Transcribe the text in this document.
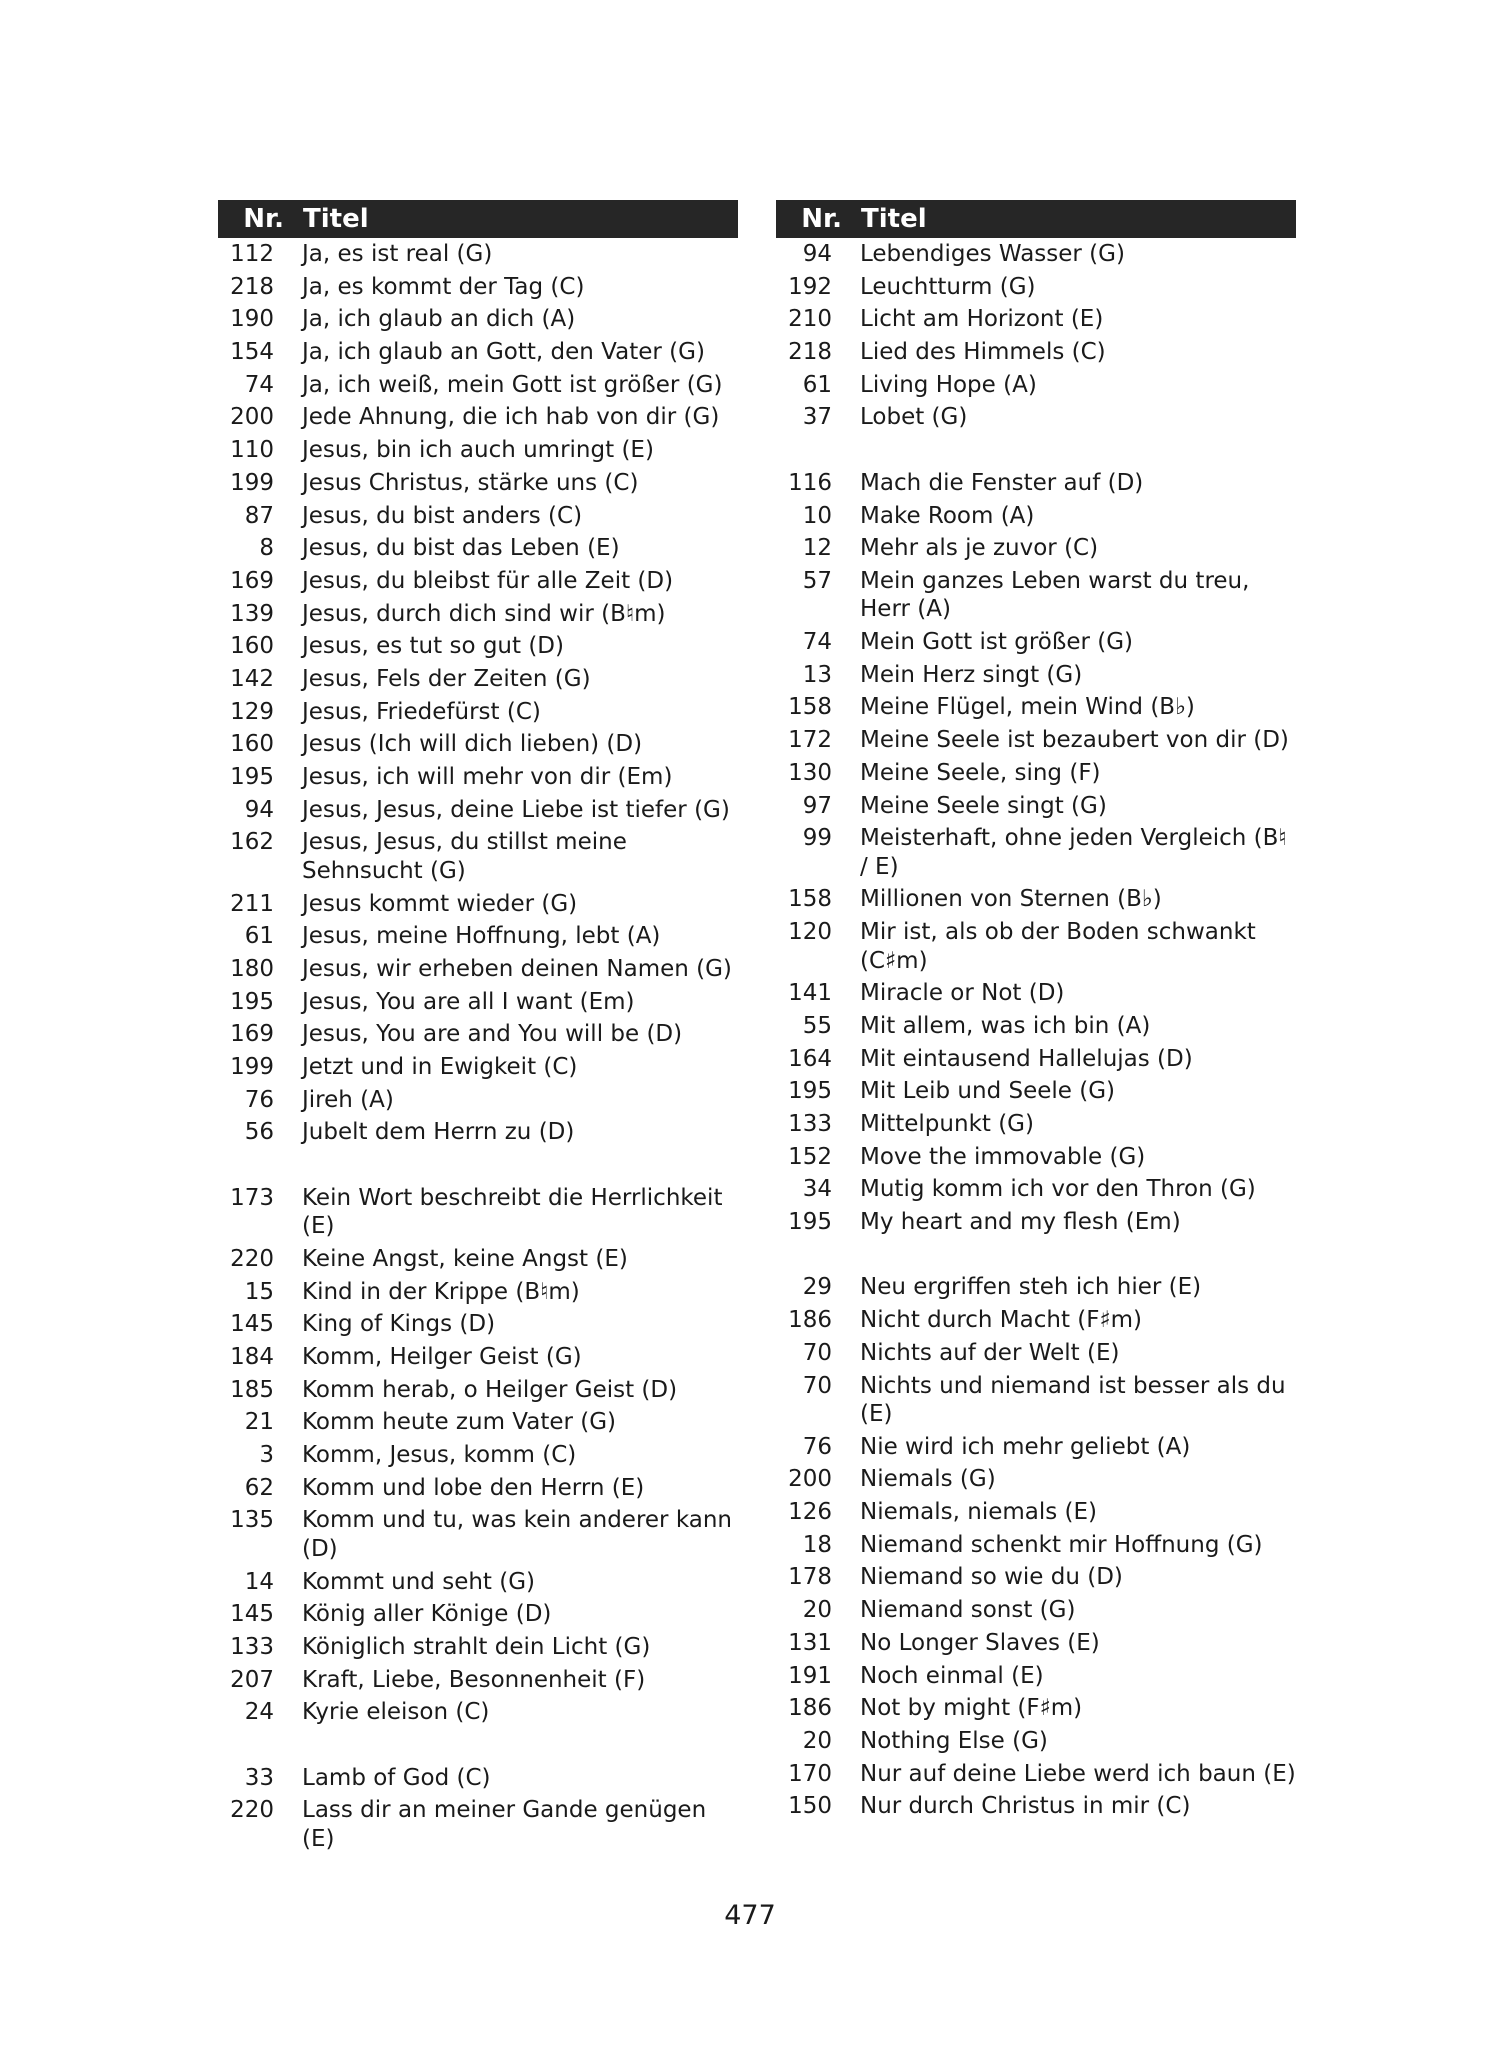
Nr. Titel
112	Ja, es ist real (G)
218	Ja, es kommt der Tag (C)
190	Ja, ich glaub an dich (A)
154	Ja, ich glaub an Gott, den Vater (G)
74	Ja, ich weiß, mein Gott ist größer (G)
200	Jede Ahnung, die ich hab von dir (G)
110	Jesus, bin ich auch umringt (E)
199	Jesus Christus, stärke uns (C)
87	Jesus, du bist anders (C)
8	Jesus, du bist das Leben (E)
169	Jesus, du bleibst für alle Zeit (D)
139	Jesus, durch dich sind wir (B♮m)
160	Jesus, es tut so gut (D)
142	Jesus, Fels der Zeiten (G)
129	Jesus, Friedefürst (C)
160	Jesus (Ich will dich lieben) (D)
195	Jesus, ich will mehr von dir (Em)
94	Jesus, Jesus, deine Liebe ist tiefer (G)
162	Jesus, Jesus, du stillst meine Sehnsucht (G)
211	Jesus kommt wieder (G)
61	Jesus, meine Hoffnung, lebt (A)
180	Jesus, wir erheben deinen Namen (G)
195	Jesus, You are all I want (Em)
169	Jesus, You are and You will be (D)
199	Jetzt und in Ewigkeit (C)
76	Jireh (A)
56	Jubelt dem Herrn zu (D)
173	Kein Wort beschreibt die Herrlichkeit (E)
220	Keine Angst, keine Angst (E)
15	Kind in der Krippe (B♮m)
145	King of Kings (D)
184	Komm, Heilger Geist (G)
185	Komm herab, o Heilger Geist (D)
21	Komm heute zum Vater (G)
3	Komm, Jesus, komm (C)
62	Komm und lobe den Herrn (E)
135	Komm und tu, was kein anderer kann (D)
14	Kommt und seht (G)
145	König aller Könige (D)
133	Königlich strahlt dein Licht (G)
207	Kraft, Liebe, Besonnenheit (F)
24	Kyrie eleison (C)
33	Lamb of God (C)
220	Lass dir an meiner Gande genügen (E)
Nr. Titel
94	Lebendiges Wasser (G)
192	Leuchtturm (G)
210	Licht am Horizont (E)
218	Lied des Himmels (C)
61	Living Hope (A)
37	Lobet (G)
116	Mach die Fenster auf (D)
10	Make Room (A)
12	Mehr als je zuvor (C)
57	Mein ganzes Leben warst du treu, Herr (A)
74	Mein Gott ist größer (G)
13	Mein Herz singt (G)
158	Meine Flügel, mein Wind (B♭)
172	Meine Seele ist bezaubert von dir (D)
130	Meine Seele, sing (F)
97	Meine Seele singt (G)
99	Meisterhaft, ohne jeden Vergleich (B♮ / E)
158	Millionen von Sternen (B♭)
120	Mir ist, als ob der Boden schwankt (C♯m)
141	Miracle or Not (D)
55	Mit allem, was ich bin (A)
164	Mit eintausend Hallelujas (D)
195	Mit Leib und Seele (G)
133	Mittelpunkt (G)
152	Move the immovable (G)
34	Mutig komm ich vor den Thron (G)
195	My heart and my flesh (Em)
29	Neu ergriffen steh ich hier (E)
186	Nicht durch Macht (F♯m)
70	Nichts auf der Welt (E)
70	Nichts und niemand ist besser als du (E)
76	Nie wird ich mehr geliebt (A)
200	Niemals (G)
126	Niemals, niemals (E)
18	Niemand schenkt mir Hoffnung (G)
178	Niemand so wie du (D)
20	Niemand sonst (G)
131	No Longer Slaves (E)
191	Noch einmal (E)
186	Not by might (F♯m)
20	Nothing Else (G)
170	Nur auf deine Liebe werd ich baun (E)
150	Nur durch Christus in mir (C)
477
